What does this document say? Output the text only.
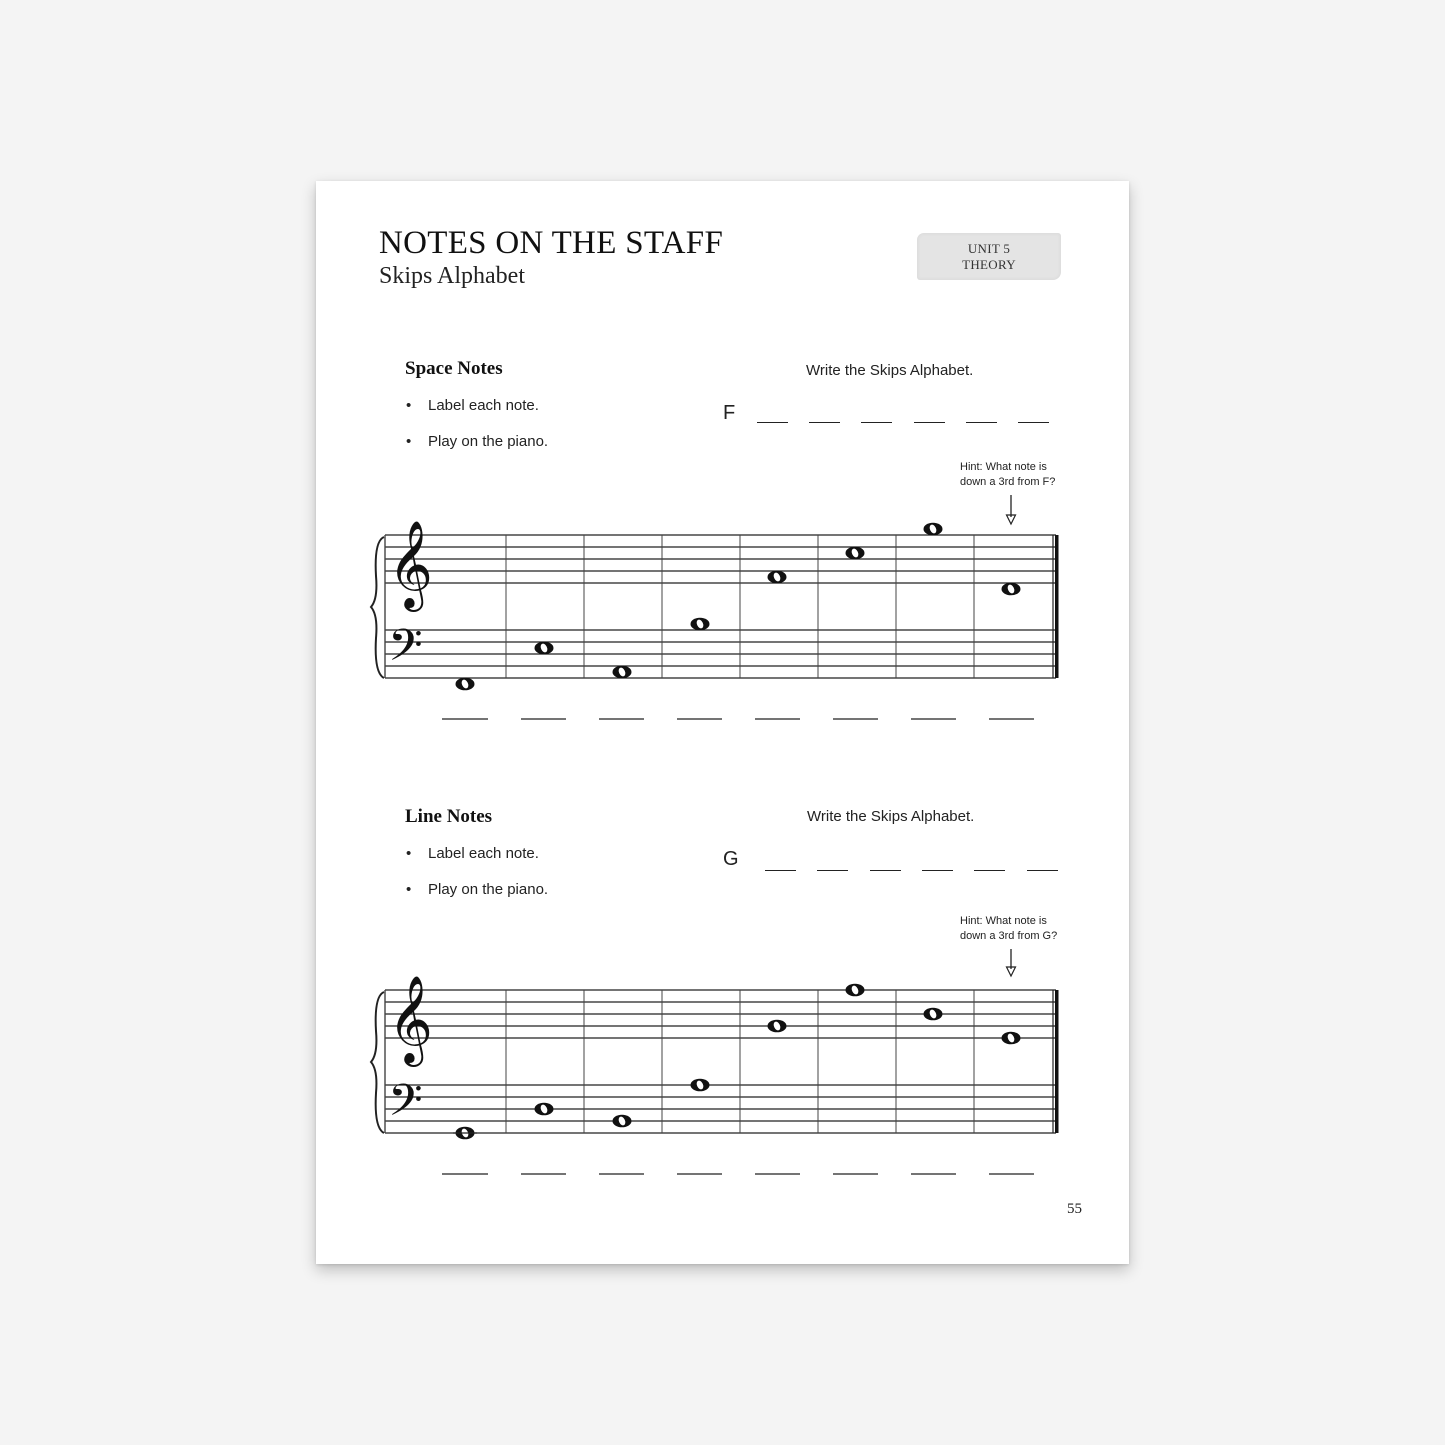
NOTES ON THE STAFF
Skips Alphabet
UNIT 5
THEORY
Space Notes
• Label each note.
• Play on the piano.
Write the Skips Alphabet.
F
Hint: What note is
down a 3rd from F?
𝄞
𝄢
Line Notes
• Label each note.
• Play on the piano.
Write the Skips Alphabet.
G
Hint: What note is
down a 3rd from G?
𝄞
𝄢
55
